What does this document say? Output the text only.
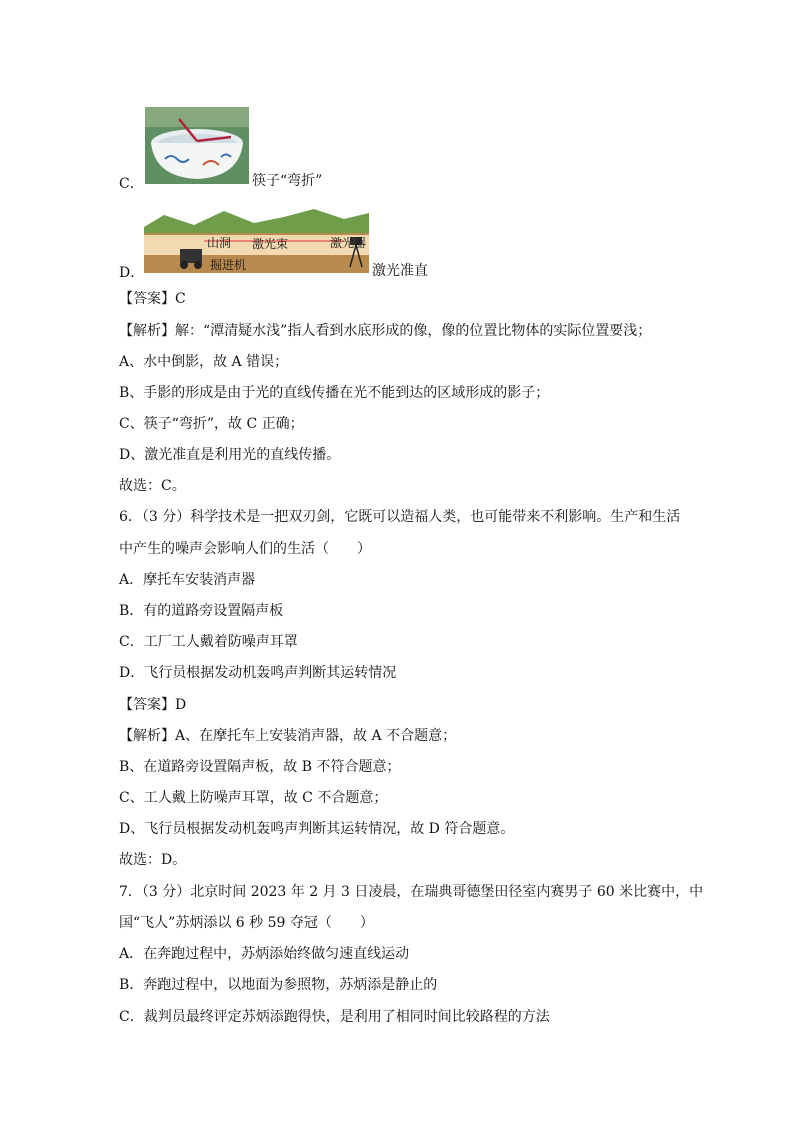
C．	筷子“弯折”
D．
山洞 激光束	激光器
掘进机	激光准直
【答案】C
【解析】解：“潭清疑水浅”指人看到水底形成的像，像的位置比物体的实际位置要浅；
A、水中倒影，故 A 错误；
B、手影的形成是由于光的直线传播在光不能到达的区域形成的影子；
C、筷子“弯折”，故 C 正确；
D、激光准直是利用光的直线传播。
故选：C。
6．（3 分）科学技术是一把双刃剑，它既可以造福人类，也可能带来不利影响。生产和生活
中产生的噪声会影响人们的生活（　　）
A．摩托车安装消声器
B．有的道路旁设置隔声板
C．工厂工人戴着防噪声耳罩
D．飞行员根据发动机轰鸣声判断其运转情况
【答案】D
【解析】A、在摩托车上安装消声器，故 A 不合题意；
B、在道路旁设置隔声板，故 B 不符合题意；
C、工人戴上防噪声耳罩，故 C 不合题意；
D、飞行员根据发动机轰鸣声判断其运转情况，故 D 符合题意。
故选：D。
7．（3 分）北京时间 2023 年 2 月 3 日凌晨，在瑞典哥德堡田径室内赛男子 60 米比赛中，中
国“飞人”苏炳添以 6 秒 59 夺冠（　　）
A．在奔跑过程中，苏炳添始终做匀速直线运动
B．奔跑过程中，以地面为参照物，苏炳添是静止的
C．裁判员最终评定苏炳添跑得快，是利用了相同时间比较路程的方法
